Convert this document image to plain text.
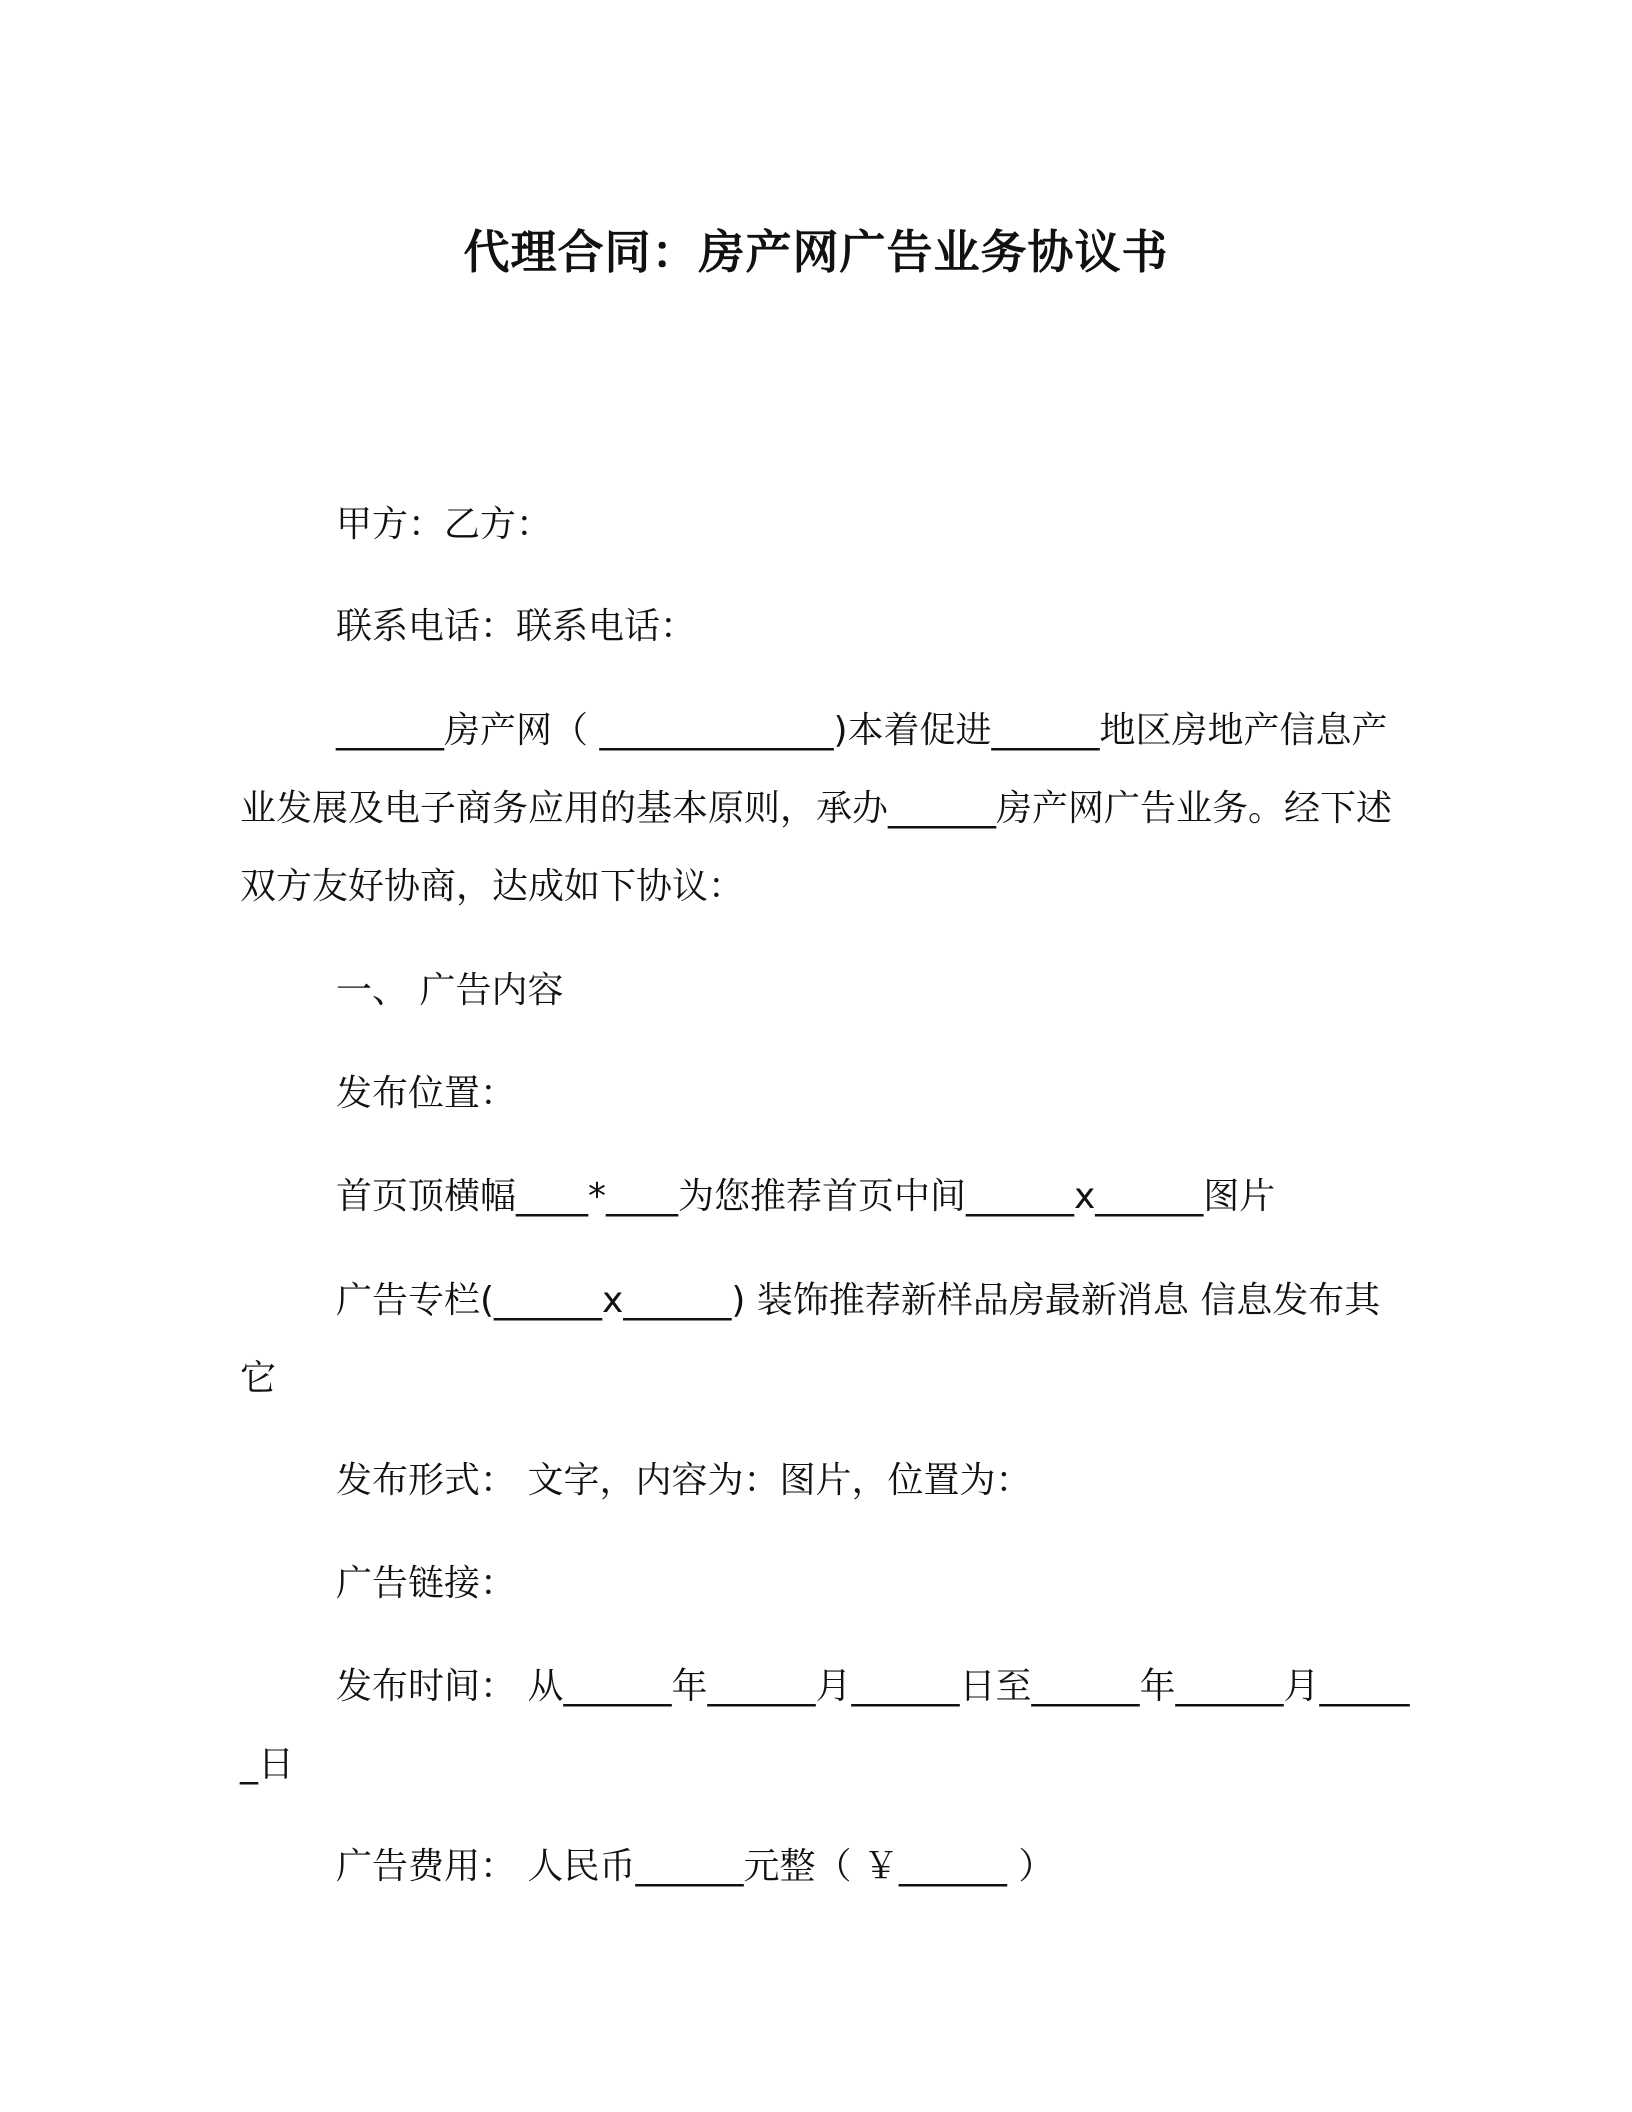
代理合同：房产网广告业务协议书
甲方：乙方：
联系电话：联系电话：
______房产网（ _____________)本着促进______地区房地产信息产业发展及电子商务应用的基本原则，承办______房产网广告业务。经下述双方友好协商，达成如下协议：
一、 广告内容
发布位置：
首页顶横幅____*____为您推荐首页中间______x______图片
广告专栏(______x______) 装饰推荐新样品房最新消息 信息发布其它
发布形式： 文字，内容为：图片，位置为：
广告链接：
发布时间： 从______年______月______日至______年______月______日
广告费用： 人民币______元整（ ￥______ ）
